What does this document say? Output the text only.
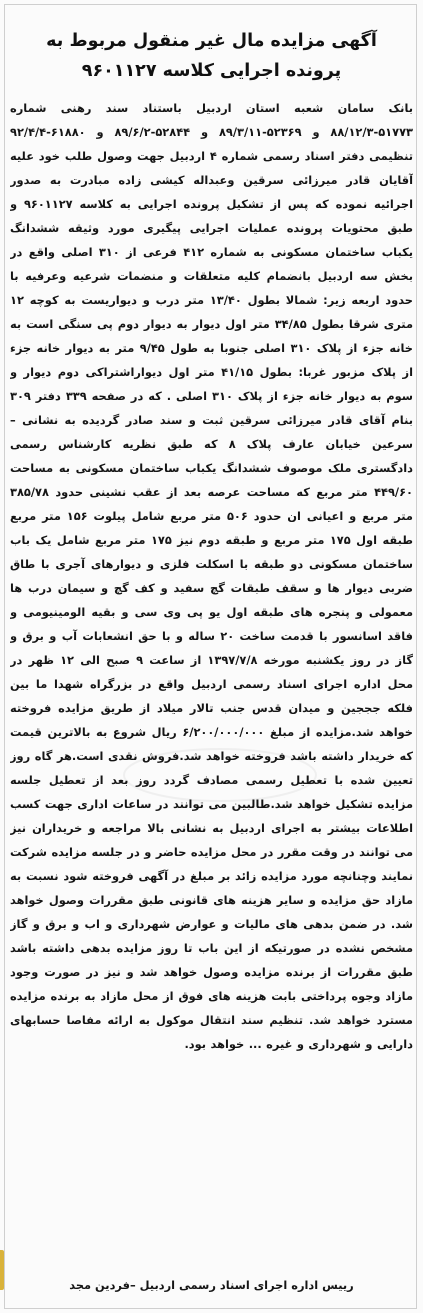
آگهی مزایده مال غیر منقول مربوط به
پرونده اجرایی کلاسه ۹۶۰۱۱۲۷
بانک سامان شعبه استان اردبیل باستناد سند رهنی شماره ۵۱۷۷۳-۸۸/۱۲/۳ و ۵۲۳۶۹-۸۹/۳/۱۱ و ۵۲۸۴۴-۸۹/۶/۲ و ۶۱۸۸۰-۹۲/۴/۴ تنظیمی دفتر اسناد رسمی شماره ۴ اردبیل جهت وصول طلب خود علیه آقایان قادر میرزائی سرقین وعبداله کیشی زاده مبادرت به صدور اجرائیه نموده که پس از تشکیل پرونده اجرایی به کلاسه ۹۶۰۱۱۲۷ و طبق محتویات پرونده عملیات اجرایی پیگیری مورد وثیقه ششدانگ یکباب ساختمان مسکونی به شماره ۴۱۲ فرعی از ۳۱۰ اصلی واقع در بخش سه اردبیل بانضمام کلیه متعلقات و منضمات شرعیه وعرفیه با حدود اربعه زیر: شمالا بطول ۱۳/۴۰ متر درب و دیواریست به کوچه ۱۲ متری شرقا بطول ۳۴/۸۵ متر اول دیوار به دیوار دوم پی سنگی است به خانه جزء از پلاک ۳۱۰ اصلی جنوبا به طول ۹/۴۵ متر به دیوار خانه جزء از پلاک مزبور غربا: بطول ۴۱/۱۵ متر اول دیواراشتراکی دوم دیوار و سوم به دیوار خانه جزء از پلاک ۳۱۰ اصلی . که در صفحه ۳۳۹ دفتر ۳۰۹ بنام آقای قادر میرزائی سرقین ثبت و سند صادر گردیده به نشانی –سرعین خیابان عارف پلاک ۸ که طبق نظریه کارشناس رسمی دادگستری ملک موصوف ششدانگ یکباب ساختمان مسکونی به مساحت ۴۴۹/۶۰ متر مربع که مساحت عرصه بعد از عقب نشینی حدود ۳۸۵/۷۸ متر مربع و اعیانی ان حدود ۵۰۶ متر مربع شامل پیلوت ۱۵۶ متر مربع طبقه اول ۱۷۵ متر مربع و طبقه دوم نیز ۱۷۵ متر مربع شامل یک باب ساختمان مسکونی دو طبقه با اسکلت فلزی و دیوارهای آجری با طاق ضربی دیوار ها و سقف طبقات گچ سفید و کف گچ و سیمان درب ها معمولی و پنجره های طبقه اول یو پی وی سی و بقیه الومینیومی و فاقد اسانسور با قدمت ساخت ۲۰ ساله و با حق انشعابات آب و برق و گاز در روز یکشنبه مورخه ۱۳۹۷/۷/۸ از ساعت ۹ صبح الی ۱۲ ظهر در محل اداره اجرای اسناد رسمی اردبیل واقع در بزرگراه شهدا ما بین فلکه جججین و میدان قدس جنب تالار میلاد از طریق مزایده فروخته خواهد شد.مزایده از مبلغ ۶/۲۰۰/۰۰۰/۰۰۰ ریال شروع به بالاترین قیمت که خریدار داشته باشد فروخته خواهد شد.فروش نقدی است.هر گاه روز تعیین شده با تعطیل رسمی مصادف گردد روز بعد از تعطیل جلسه مزایده تشکیل خواهد شد.طالبین می توانند در ساعات اداری جهت کسب اطلاعات بیشتر به اجرای اردبیل به نشانی بالا مراجعه و خریداران نیز می توانند در وقت مقرر در محل مزایده حاضر و در جلسه مزایده شرکت نمایند وچنانچه مورد مزایده زائد بر مبلغ در آگهی فروخته شود نسبت به مازاد حق مزایده و سایر هزینه های قانونی طبق مقررات وصول خواهد شد. در ضمن بدهی های مالیات و عوارض شهرداری و اب و برق و گاز مشخص نشده در صورتیکه از این باب تا روز مزایده بدهی داشته باشد طبق مقررات از برنده مزایده وصول خواهد شد و نیز در صورت وجود مازاد وجوه پرداختی بابت هزینه های فوق از محل مازاد به برنده مزایده مسترد خواهد شد. تنظیم سند انتقال موکول به ارائه مفاصا حسابهای دارایی و شهرداری و غیره ... خواهد بود.
رییس اداره اجرای اسناد رسمی اردبیل –فردین مجد
